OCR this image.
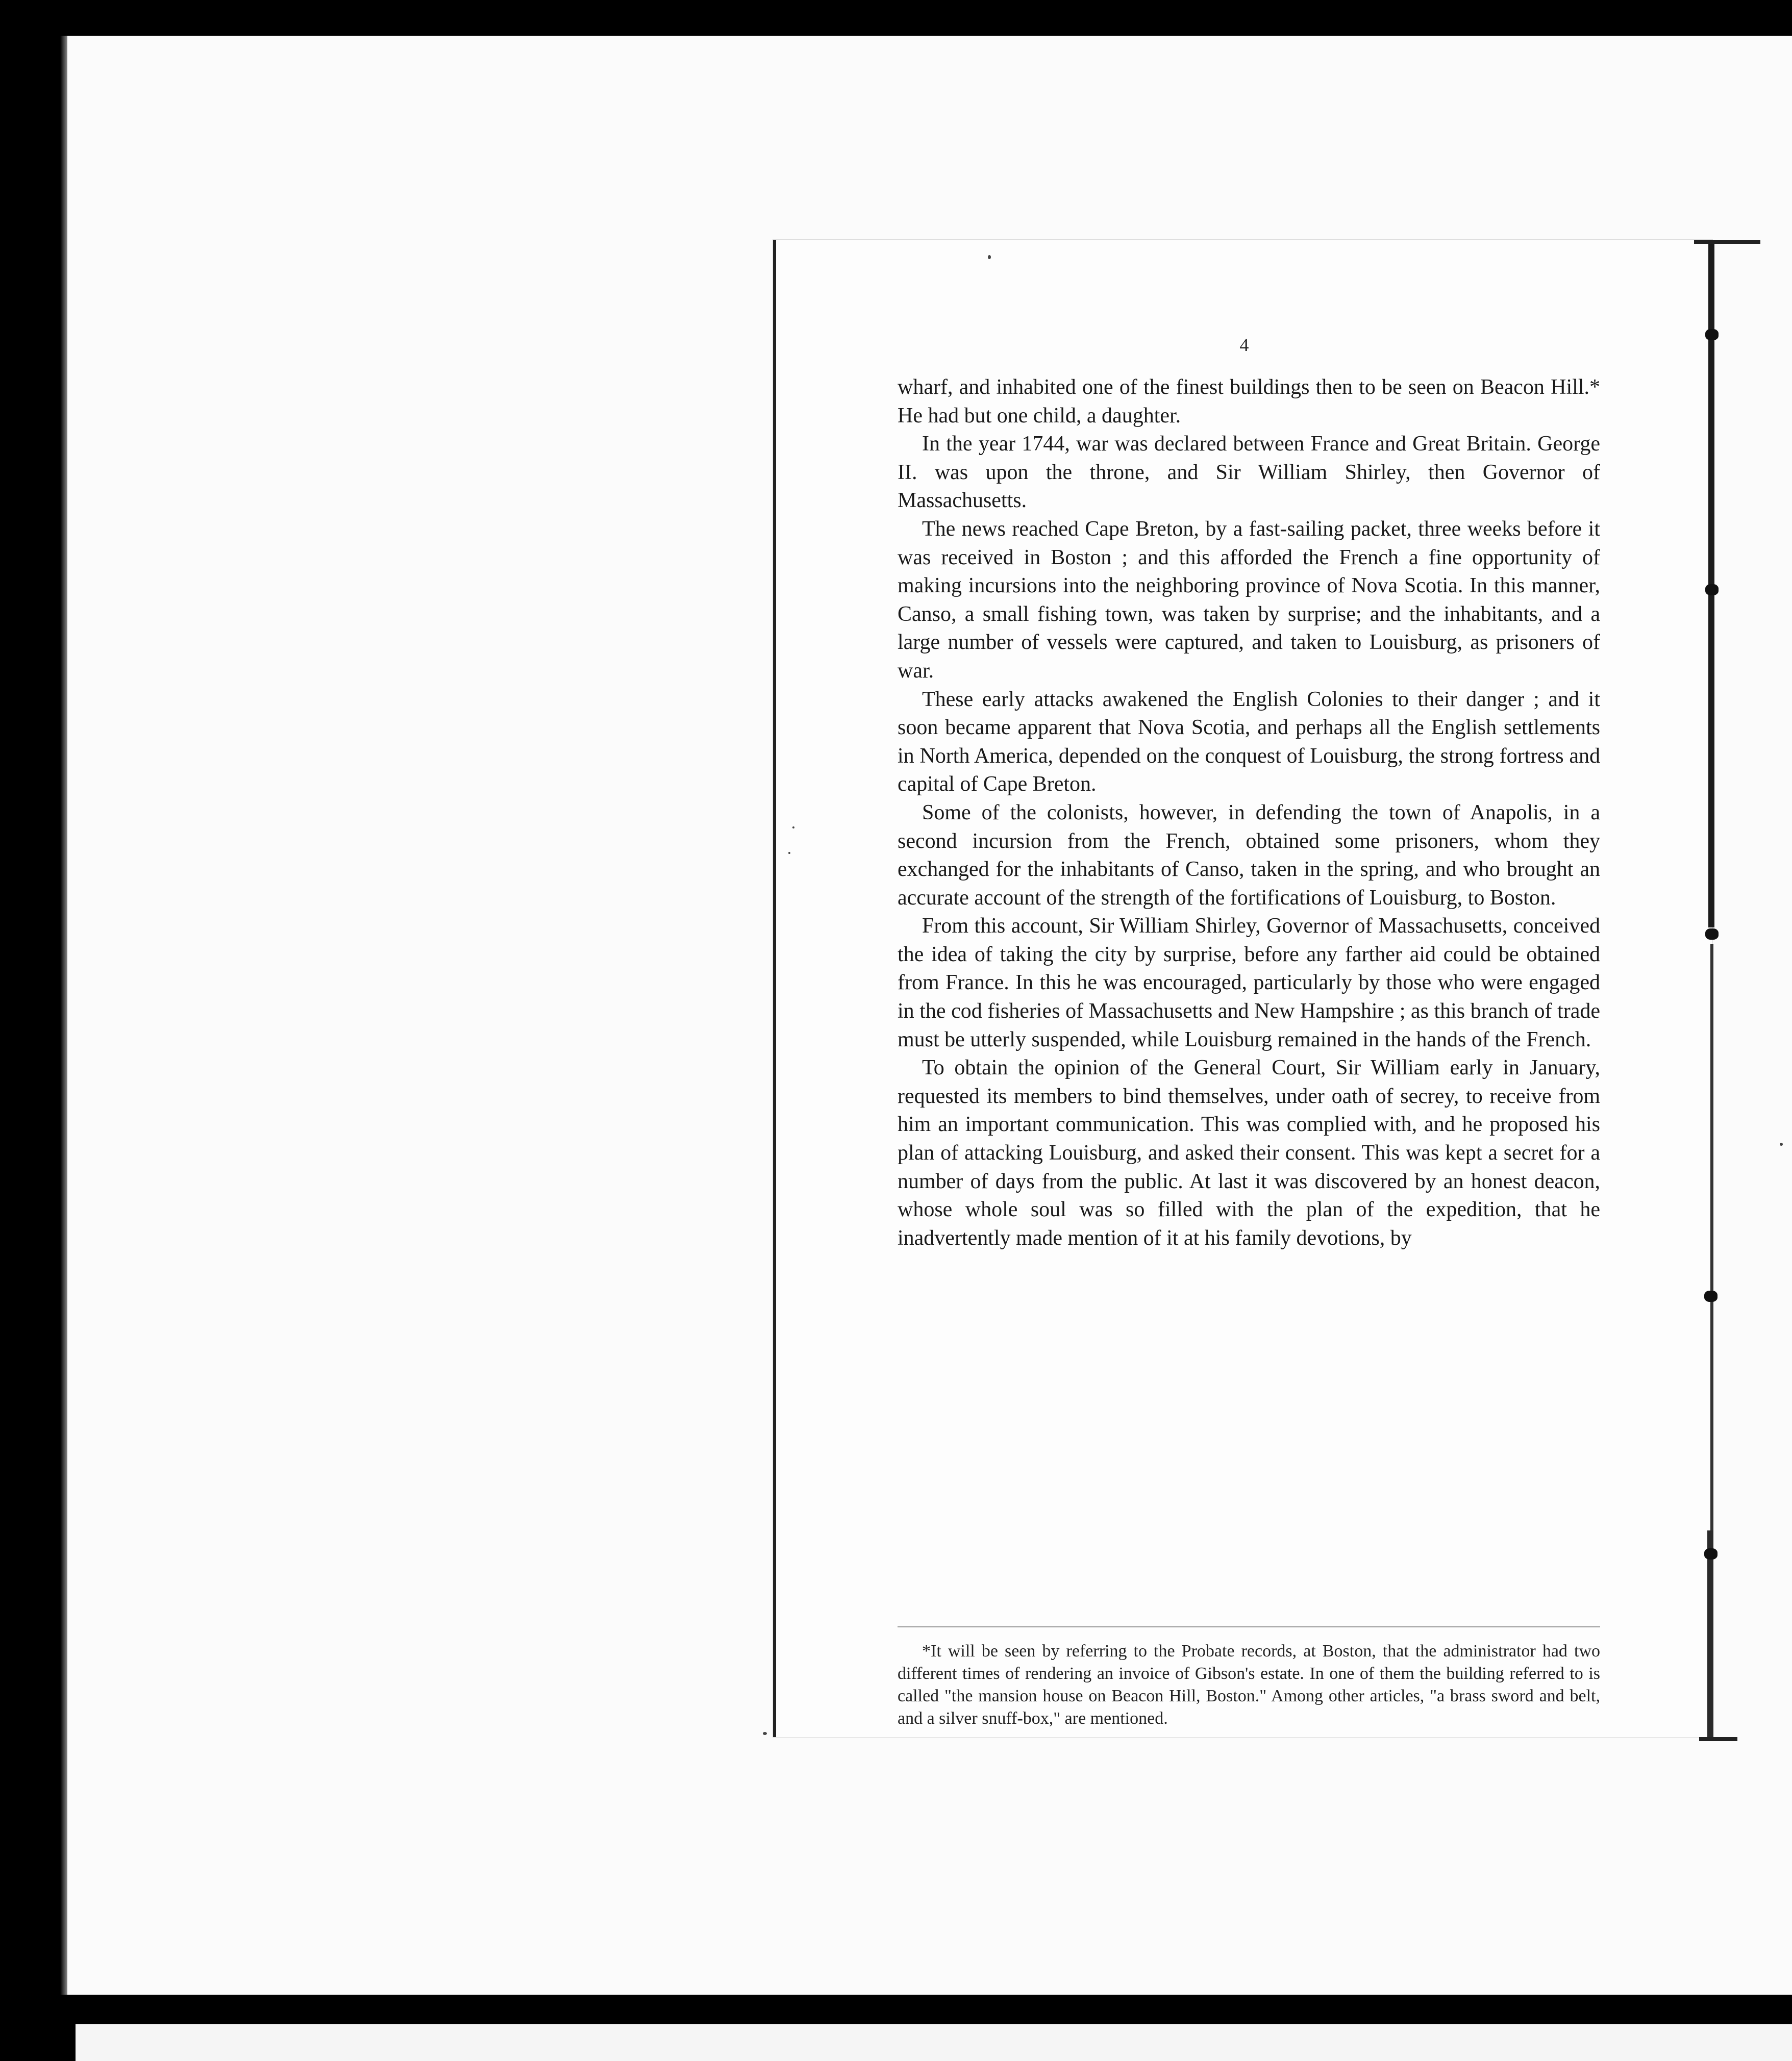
4

wharf, and inhabited one of the finest buildings then to be seen on Beacon Hill.* He had but one child, a daughter.

In the year 1744, war was declared between France and Great Britain. George II. was upon the throne, and Sir William Shirley, then Governor of Massachusetts.

The news reached Cape Breton, by a fast-sailing packet, three weeks before it was received in Boston ; and this afforded the French a fine opportunity of making incursions into the neighboring province of Nova Scotia. In this manner, Canso, a small fishing town, was taken by surprise; and the inhabitants, and a large number of vessels were captured, and taken to Louisburg, as prisoners of war.

These early attacks awakened the English Colonies to their danger ; and it soon became apparent that Nova Scotia, and perhaps all the English settlements in North America, depended on the conquest of Louisburg, the strong fortress and capital of Cape Breton.

Some of the colonists, however, in defending the town of Anapolis, in a second incursion from the French, obtained some prisoners, whom they exchanged for the inhabitants of Canso, taken in the spring, and who brought an accurate account of the strength of the fortifications of Louisburg, to Boston.

From this account, Sir William Shirley, Governor of Massachusetts, conceived the idea of taking the city by surprise, before any farther aid could be obtained from France. In this he was encouraged, particularly by those who were engaged in the cod fisheries of Massachusetts and New Hampshire ; as this branch of trade must be utterly suspended, while Louisburg remained in the hands of the French.

To obtain the opinion of the General Court, Sir William early in January, requested its members to bind themselves, under oath of secrey, to receive from him an important communication. This was complied with, and he proposed his plan of attacking Louisburg, and asked their consent. This was kept a secret for a number of days from the public. At last it was discovered by an honest deacon, whose whole soul was so filled with the plan of the expedition, that he inadvertently made mention of it at his family devotions, by

*It will be seen by referring to the Probate records, at Boston, that the administrator had two different times of rendering an invoice of Gibson's estate. In one of them the building referred to is called "the mansion house on Beacon Hill, Boston." Among other articles, "a brass sword and belt, and a silver snuff-box," are mentioned.
